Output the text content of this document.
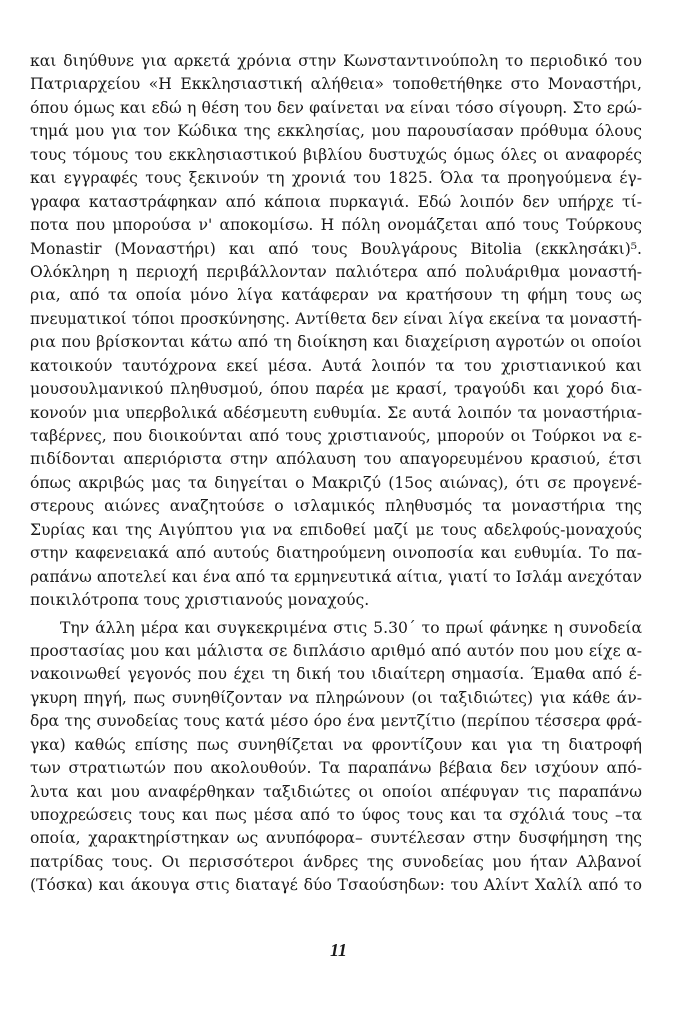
και διηύθυνε για αρκετά χρόνια στην Κωνσταντινούπολη το περιοδικό του
Πατριαρχείου «Η Εκκλησιαστική αλήθεια» τοποθετήθηκε στο Μοναστήρι,
όπου όμως και εδώ η θέση του δεν φαίνεται να είναι τόσο σίγουρη. Στο ερώ-
τημά μου για τον Κώδικα της εκκλησίας, μου παρουσίασαν πρόθυμα όλους
τους τόμους του εκκλησιαστικού βιβλίου δυστυχώς όμως όλες οι αναφορές
και εγγραφές τους ξεκινούν τη χρονιά του 1825. Όλα τα προηγούμενα έγ-
γραφα καταστράφηκαν από κάποια πυρκαγιά. Εδώ λοιπόν δεν υπήρχε τί-
ποτα που μπορούσα ν' αποκομίσω. Η πόλη ονομάζεται από τους Τούρκους
Monastir (Μοναστήρι) και από τους Βουλγάρους Bitolia (εκκλησάκι)⁵.
Ολόκληρη η περιοχή περιβάλλονταν παλιότερα από πολυάριθμα μοναστή-
ρια, από τα οποία μόνο λίγα κατάφεραν να κρατήσουν τη φήμη τους ως
πνευματικοί τόποι προσκύνησης. Αντίθετα δεν είναι λίγα εκείνα τα μοναστή-
ρια που βρίσκονται κάτω από τη διοίκηση και διαχείριση αγροτών οι οποίοι
κατοικούν ταυτόχρονα εκεί μέσα. Αυτά λοιπόν τα του χριστιανικού και
μουσουλμανικού πληθυσμού, όπου παρέα με κρασί, τραγούδι και χορό δια-
κονούν μια υπερβολικά αδέσμευτη ευθυμία. Σε αυτά λοιπόν τα μοναστήρια-
ταβέρνες, που διοικούνται από τους χριστιανούς, μπορούν οι Τούρκοι να ε-
πιδίδονται απεριόριστα στην απόλαυση του απαγορευμένου κρασιού, έτσι
όπως ακριβώς μας τα διηγείται ο Μακριζύ (15ος αιώνας), ότι σε προγενέ-
στερους αιώνες αναζητούσε ο ισλαμικός πληθυσμός τα μοναστήρια της
Συρίας και της Αιγύπτου για να επιδοθεί μαζί με τους αδελφούς-μοναχούς
στην καφενειακά από αυτούς διατηρούμενη οινοποσία και ευθυμία. Το πα-
ραπάνω αποτελεί και ένα από τα ερμηνευτικά αίτια, γιατί το Ισλάμ ανεχόταν
ποικιλότροπα τους χριστιανούς μοναχούς.
Την άλλη μέρα και συγκεκριμένα στις 5.30΄ το πρωί φάνηκε η συνοδεία
προστασίας μου και μάλιστα σε διπλάσιο αριθμό από αυτόν που μου είχε α-
νακοινωθεί γεγονός που έχει τη δική του ιδιαίτερη σημασία. Έμαθα από έ-
γκυρη πηγή, πως συνηθίζονταν να πληρώνουν (οι ταξιδιώτες) για κάθε άν-
δρα της συνοδείας τους κατά μέσο όρο ένα μεντζίτιο (περίπου τέσσερα φρά-
γκα) καθώς επίσης πως συνηθίζεται να φροντίζουν και για τη διατροφή
των στρατιωτών που ακολουθούν. Τα παραπάνω βέβαια δεν ισχύουν από-
λυτα και μου αναφέρθηκαν ταξιδιώτες οι οποίοι απέφυγαν τις παραπάνω
υποχρεώσεις τους και πως μέσα από το ύφος τους και τα σχόλιά τους –τα
οποία, χαρακτηρίστηκαν ως ανυπόφορα– συντέλεσαν στην δυσφήμηση της
πατρίδας τους. Οι περισσότεροι άνδρες της συνοδείας μου ήταν Αλβανοί
(Τόσκα) και άκουγα στις διαταγέ δύο Τσαούσηδων: του Αλίντ Χαλίλ από το
11
